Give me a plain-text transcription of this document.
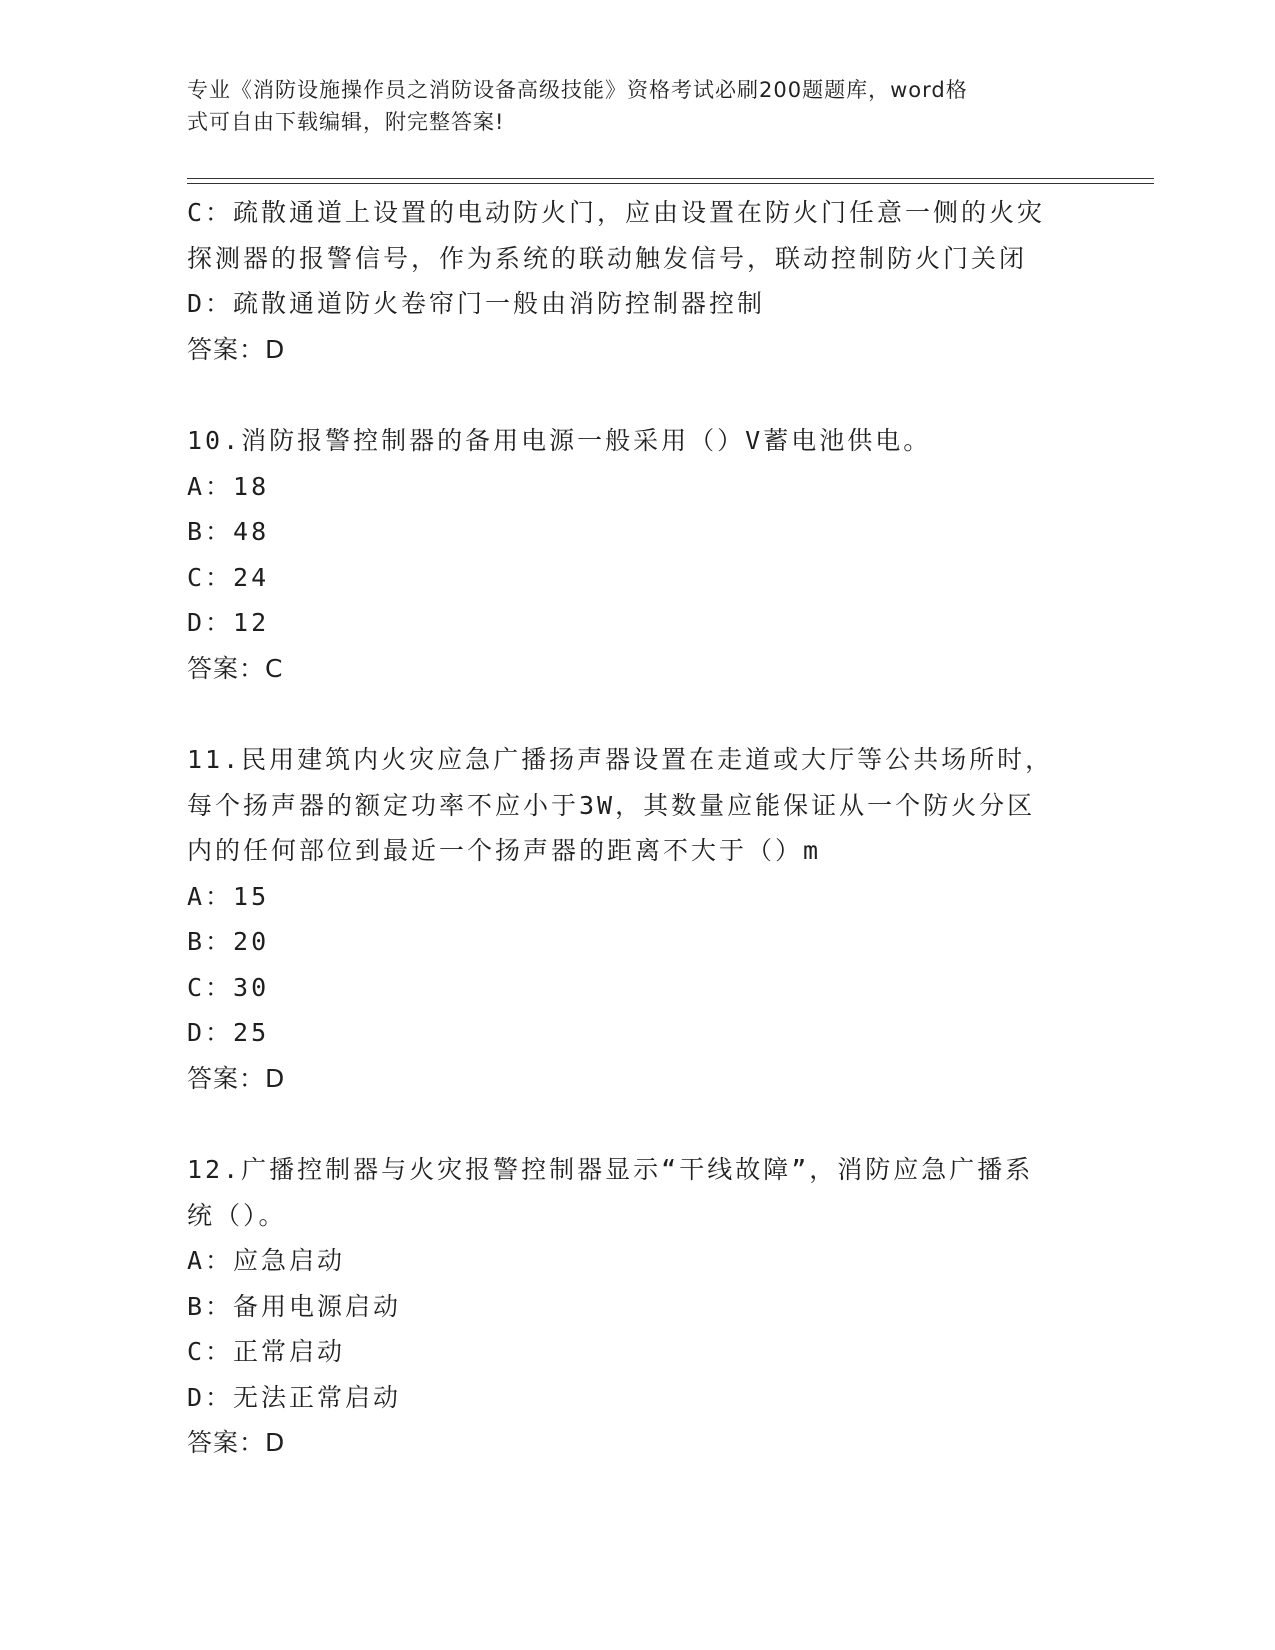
专业《消防设施操作员之消防设备高级技能》资格考试必刷200题题库，word格
式可自由下载编辑，附完整答案!
C：疏散通道上设置的电动防火门，应由设置在防火门任意一侧的火灾
探测器的报警信号，作为系统的联动触发信号，联动控制防火门关闭
D：疏散通道防火卷帘门一般由消防控制器控制
答案：D
10.消防报警控制器的备用电源一般采用（）V蓄电池供电。
A：18
B：48
C：24
D：12
答案：C
11.民用建筑内火灾应急广播扬声器设置在走道或大厅等公共场所时，
每个扬声器的额定功率不应小于3W，其数量应能保证从一个防火分区
内的任何部位到最近一个扬声器的距离不大于（）m
A：15
B：20
C：30
D：25
答案：D
12.广播控制器与火灾报警控制器显示“干线故障”，消防应急广播系
统（）。
A：应急启动
B：备用电源启动
C：正常启动
D：无法正常启动
答案：D
